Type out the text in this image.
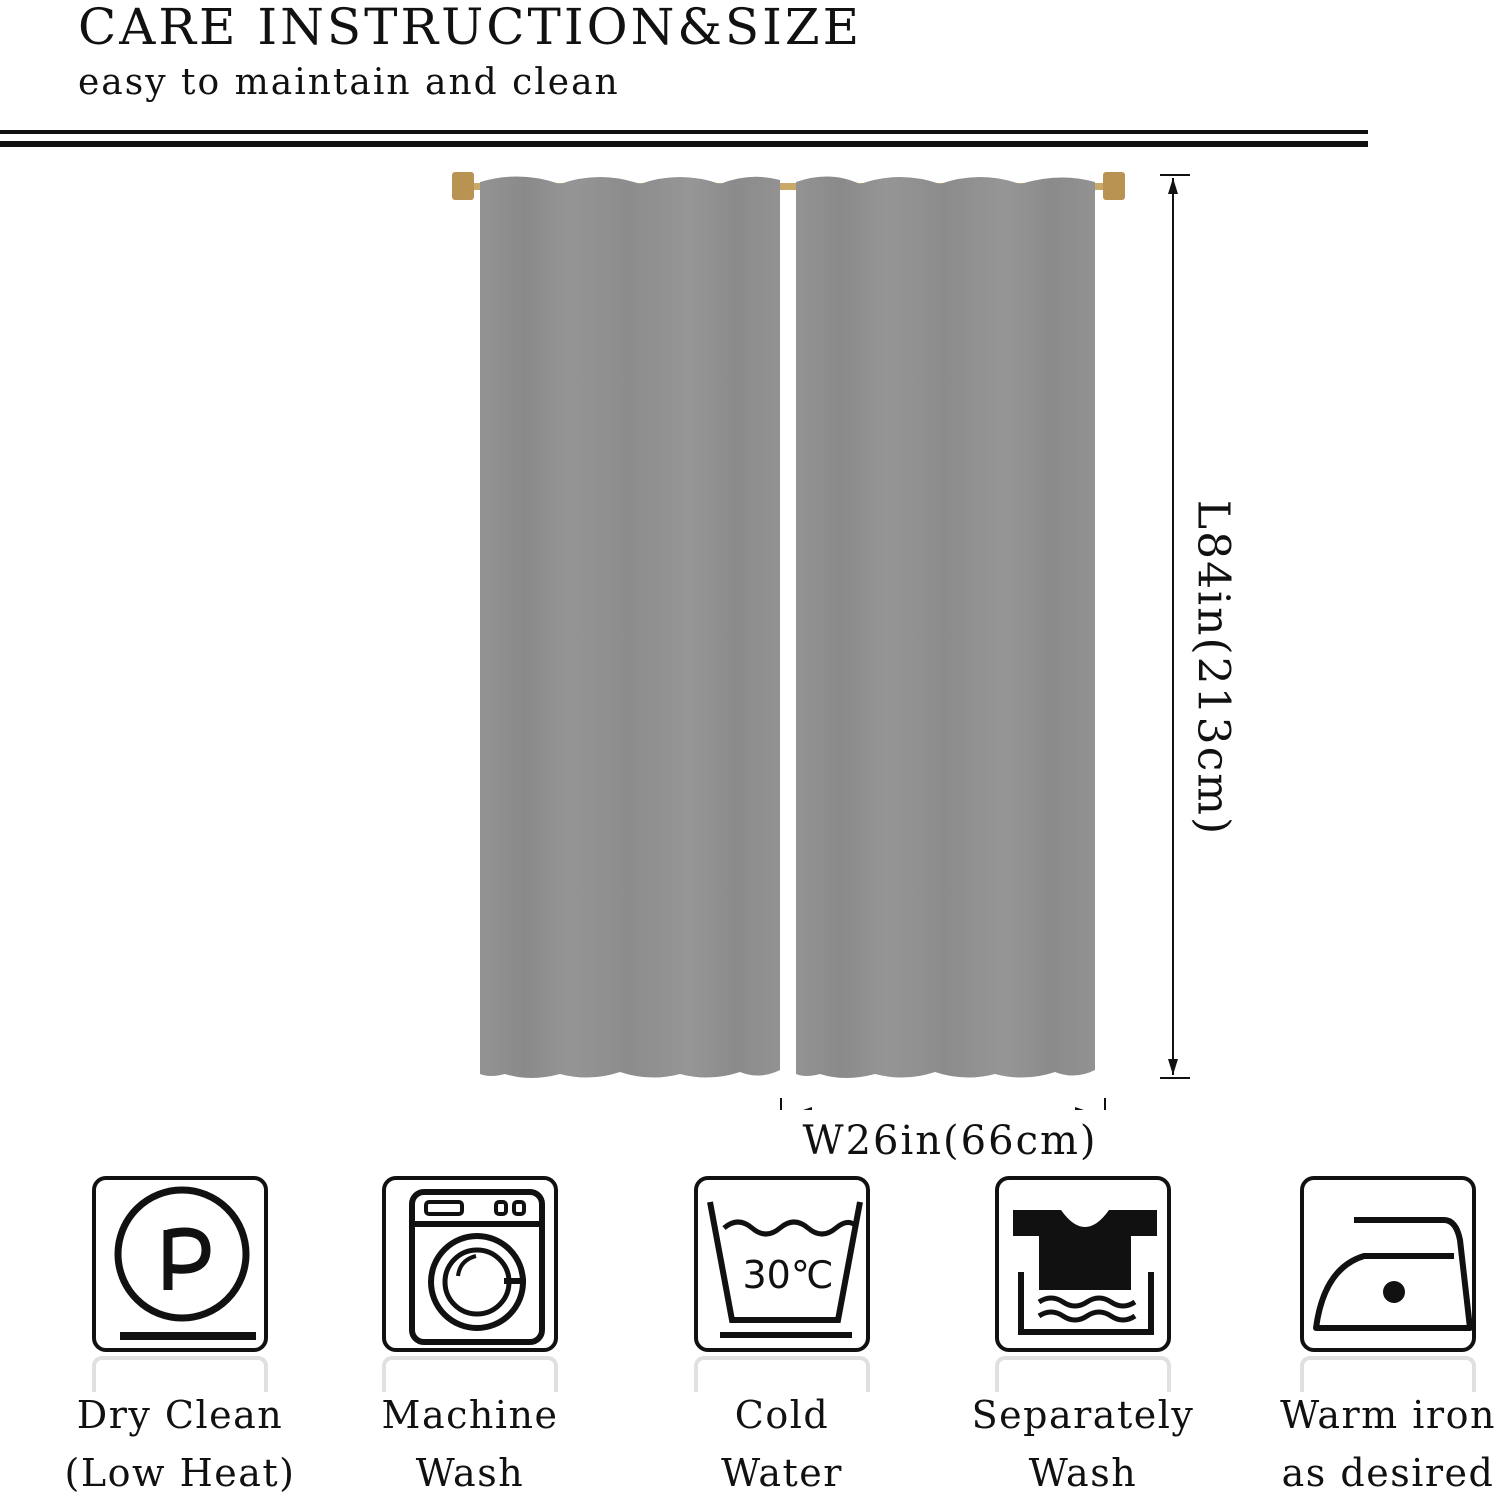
CARE INSTRUCTION&SIZE
easy to maintain and clean
L84in(213cm)
W26in(66cm)
Dry Clean
(Low Heat)
Machine
Wash
30℃
Cold
Water
Separately
Wash
Warm iron
as desired
